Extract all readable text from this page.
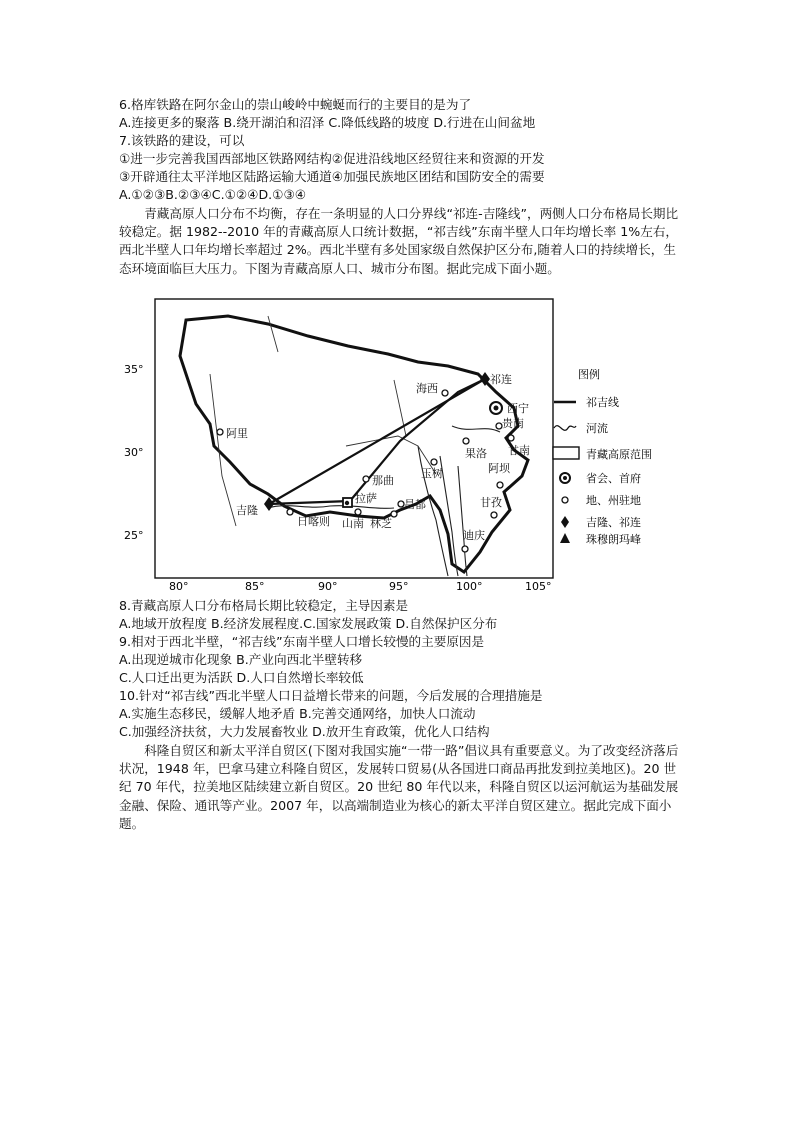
6.格库铁路在阿尔金山的崇山峻岭中蜿蜒而行的主要目的是为了
A.连接更多的聚落 B.绕开湖泊和沼泽 C.降低线路的坡度 D.行进在山间盆地
7.该铁路的建设，可以
①进一步完善我国西部地区铁路网结构②促进沿线地区经贸往来和资源的开发
③开辟通往太平洋地区陆路运输大通道④加强民族地区团结和国防安全的需要
A.①②③B.②③④C.①②④D.①③④

青藏高原人口分布不均衡，存在一条明显的人口分界线“祁连-吉隆线”，两侧人口分布格局长期比较稳定。据 1982--2010 年的青藏高原人口统计数据，“祁吉线”东南半壁人口年均增长率 1%左右，西北半壁人口年均增长率超过 2%。西北半壁有多处国家级自然保护区分布,随着人口的持续增长，生态环境面临巨大压力。下图为青藏高原人口、城市分布图。据此完成下面小题。

35°
30°
25°
80°	85°	90°	95°	100°	105°
祁连
海西
西宁
贵南
甘南
阿里
果洛
玉树	阿坝
那曲
拉萨 昌都
吉隆
日喀则 山南 林芝
甘孜
迪庆
图例
祁吉线
河流
青藏高原范围
省会、首府
地、州驻地
吉隆、祁连
珠穆朗玛峰
8.青藏高原人口分布格局长期比较稳定，主导因素是
A.地域开放程度 B.经济发展程度.C.国家发展政策 D.自然保护区分布
9.相对于西北半壁，“祁吉线”东南半壁人口增长较慢的主要原因是
A.出现逆城市化现象 B.产业向西北半壁转移
C.人口迁出更为活跃 D.人口自然增长率较低
10.针对“祁吉线”西北半壁人口日益增长带来的问题，今后发展的合理措施是
A.实施生态移民，缓解人地矛盾 B.完善交通网络，加快人口流动
C.加强经济扶贫，大力发展畜牧业 D.放开生育政策，优化人口结构

科隆自贸区和新太平洋自贸区(下图对我国实施“一带一路”倡议具有重要意义。为了改变经济落后状况，1948 年，巴拿马建立科隆自贸区，发展转口贸易(从各国进口商品再批发到拉美地区)。20 世纪 70 年代，拉美地区陆续建立新自贸区。20 世纪 80 年代以来，科隆自贸区以运河航运为基础发展金融、保险、通讯等产业。2007 年，以高端制造业为核心的新太平洋自贸区建立。据此完成下面小题。
